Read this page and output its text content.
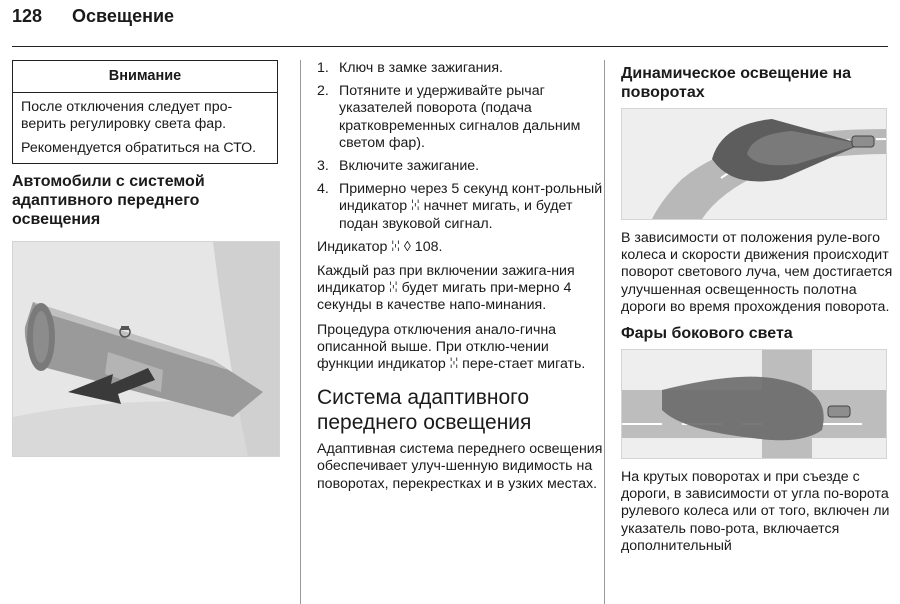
128 Освещение
Внимание

После отключения следует про-верить регулировку света фар.

Рекомендуется обратиться на СТО.

Автомобили с системой адаптивного переднего освещения
1. Ключ в замке зажигания.
2. Потяните и удерживайте рычаг указателей поворота (подача кратковременных сигналов дальним светом фар).
3. Включите зажигание.
4. Примерно через 5 секунд конт-рольный индикатор ꔘ начнет мигать, и будет подан звуковой сигнал.

Индикатор ꔘ ◊ 108.

Каждый раз при включении зажига-ния индикатор ꔘ будет мигать при-мерно 4 секунды в качестве напо-минания.

Процедура отключения анало-гична описанной выше. При отклю-чении функции индикатор ꔘ пере-стает мигать.

Система адаптивного переднего освещения

Адаптивная система переднего освещения обеспечивает улуч-шенную видимость на поворотах, перекрестках и в узких местах.

Динамическое освещение на поворотах

В зависимости от положения руле-вого колеса и скорости движения происходит поворот светового луча, чем достигается улучшенная освещенность полотна дороги во время прохождения поворота.

Фары бокового света

На крутых поворотах и при съезде с дороги, в зависимости от угла по-ворота рулевого колеса или от того, включен ли указатель пово-рота, включается дополнительный
